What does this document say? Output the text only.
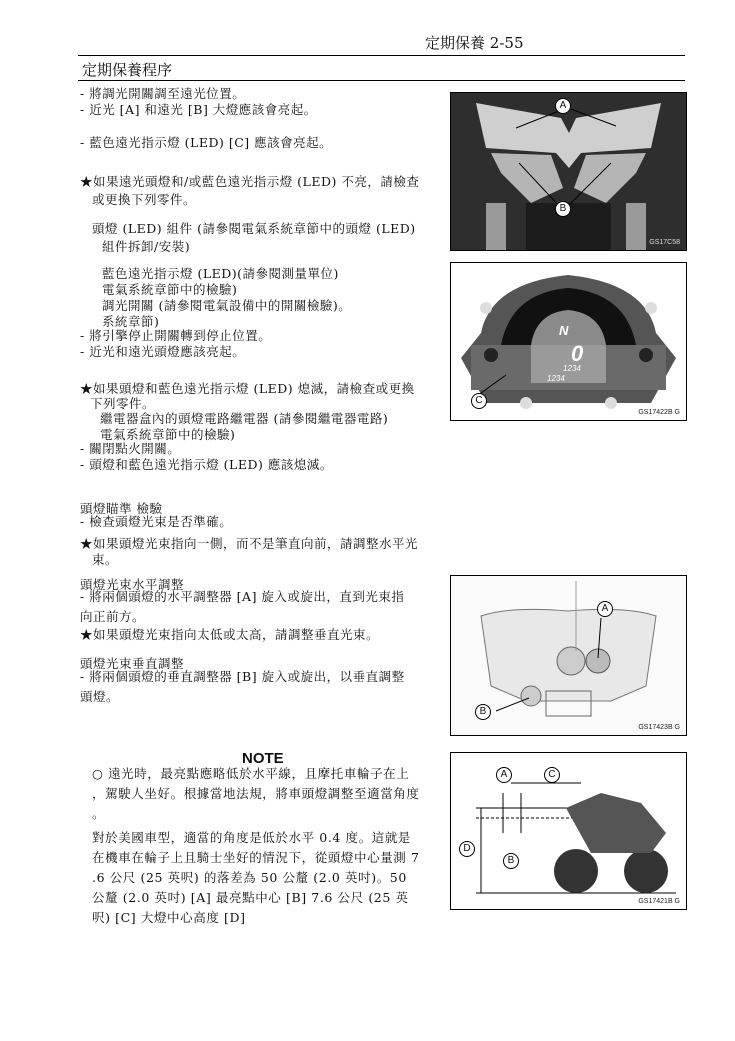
定期保養 2-55
定期保養程序
- 將調光開關調至遠光位置。
- 近光 [A] 和遠光 [B] 大燈應該會亮起。
- 藍色遠光指示燈 (LED) [C] 應該會亮起。
★如果遠光頭燈和/或藍色遠光指示燈 (LED) 不亮，請檢查
或更換下列零件。
頭燈 (LED) 組件 (請參閱電氣系統章節中的頭燈 (LED)
組件拆卸/安裝)
藍色遠光指示燈 (LED)(請參閱測量單位)
電氣系統章節中的檢驗)
調光開關 (請參閱電氣設備中的開關檢驗)。
系統章節)
- 將引擎停止開關轉到停止位置。
- 近光和遠光頭燈應該亮起。
★如果頭燈和藍色遠光指示燈 (LED) 熄滅，請檢查或更換
下列零件。
繼電器盒內的頭燈電路繼電器 (請參閱繼電器電路)
電氣系統章節中的檢驗)
- 關閉點火開關。
- 頭燈和藍色遠光指示燈 (LED) 應該熄滅。
頭燈瞄準 檢驗
- 檢查頭燈光束是否準確。
★如果頭燈光束指向一側，而不是筆直向前，請調整水平光
束。
頭燈光束水平調整
- 將兩個頭燈的水平調整器 [A] 旋入或旋出，直到光束指
向正前方。
★如果頭燈光束指向太低或太高，請調整垂直光束。
頭燈光束垂直調整
- 將兩個頭燈的垂直調整器 [B] 旋入或旋出，以垂直調整
頭燈。
NOTE
○ 遠光時，最亮點應略低於水平線，且摩托車輪子在上
，駕駛人坐好。根據當地法規，將車頭燈調整至適當角度
。
對於美國車型，適當的角度是低於水平 0.4 度。這就是
在機車在輪子上且騎士坐好的情況下，從頭燈中心量測 7
.6 公尺 (25 英呎) 的落差為 50 公釐 (2.0 英吋)。50
公釐 (2.0 英吋) [A] 最亮點中心 [B] 7.6 公尺 (25 英
呎) [C] 大燈中心高度 [D]
A
B
GS17C58
N
0
1234
1234
C
GS17422B G
A
B
GS17423B G
A	C
D
B
GS17421B G
